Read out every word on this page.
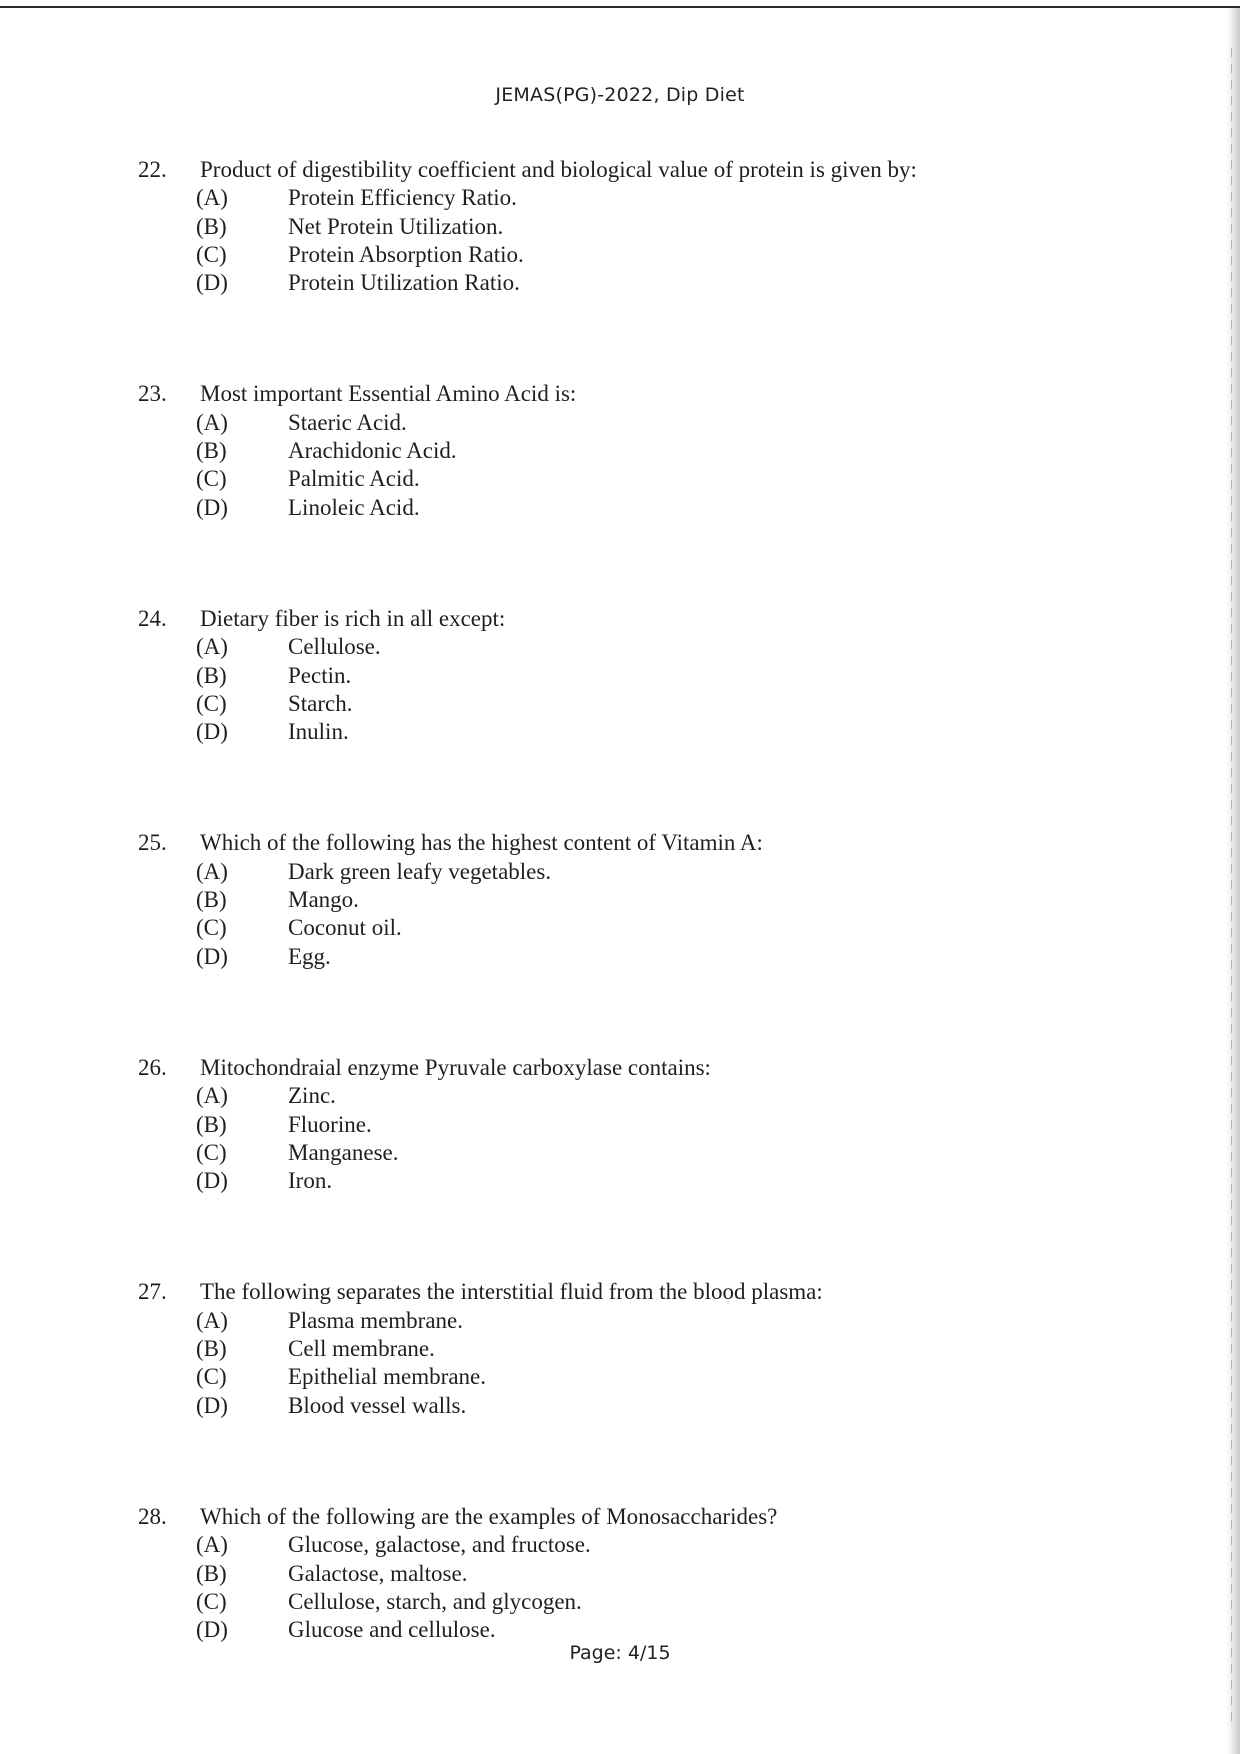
JEMAS(PG)-2022, Dip Diet
22.	Product of digestibility coefficient and biological value of protein is given by:
(A)	Protein Efficiency Ratio.
(B)	Net Protein Utilization.
(C)	Protein Absorption Ratio.
(D)	Protein Utilization Ratio.
23.	Most important Essential Amino Acid is:
(A)	Staeric Acid.
(B)	Arachidonic Acid.
(C)	Palmitic Acid.
(D)	Linoleic Acid.
24.	Dietary fiber is rich in all except:
(A)	Cellulose.
(B)	Pectin.
(C)	Starch.
(D)	Inulin.
25.	Which of the following has the highest content of Vitamin A:
(A)	Dark green leafy vegetables.
(B)	Mango.
(C)	Coconut oil.
(D)	Egg.
26.	Mitochondraial enzyme Pyruvale carboxylase contains:
(A)	Zinc.
(B)	Fluorine.
(C)	Manganese.
(D)	Iron.
27.	The following separates the interstitial fluid from the blood plasma:
(A)	Plasma membrane.
(B)	Cell membrane.
(C)	Epithelial membrane.
(D)	Blood vessel walls.
28.	Which of the following are the examples of Monosaccharides?
(A)	Glucose, galactose, and fructose.
(B)	Galactose, maltose.
(C)	Cellulose, starch, and glycogen.
(D)	Glucose and cellulose.
Page: 4/15
